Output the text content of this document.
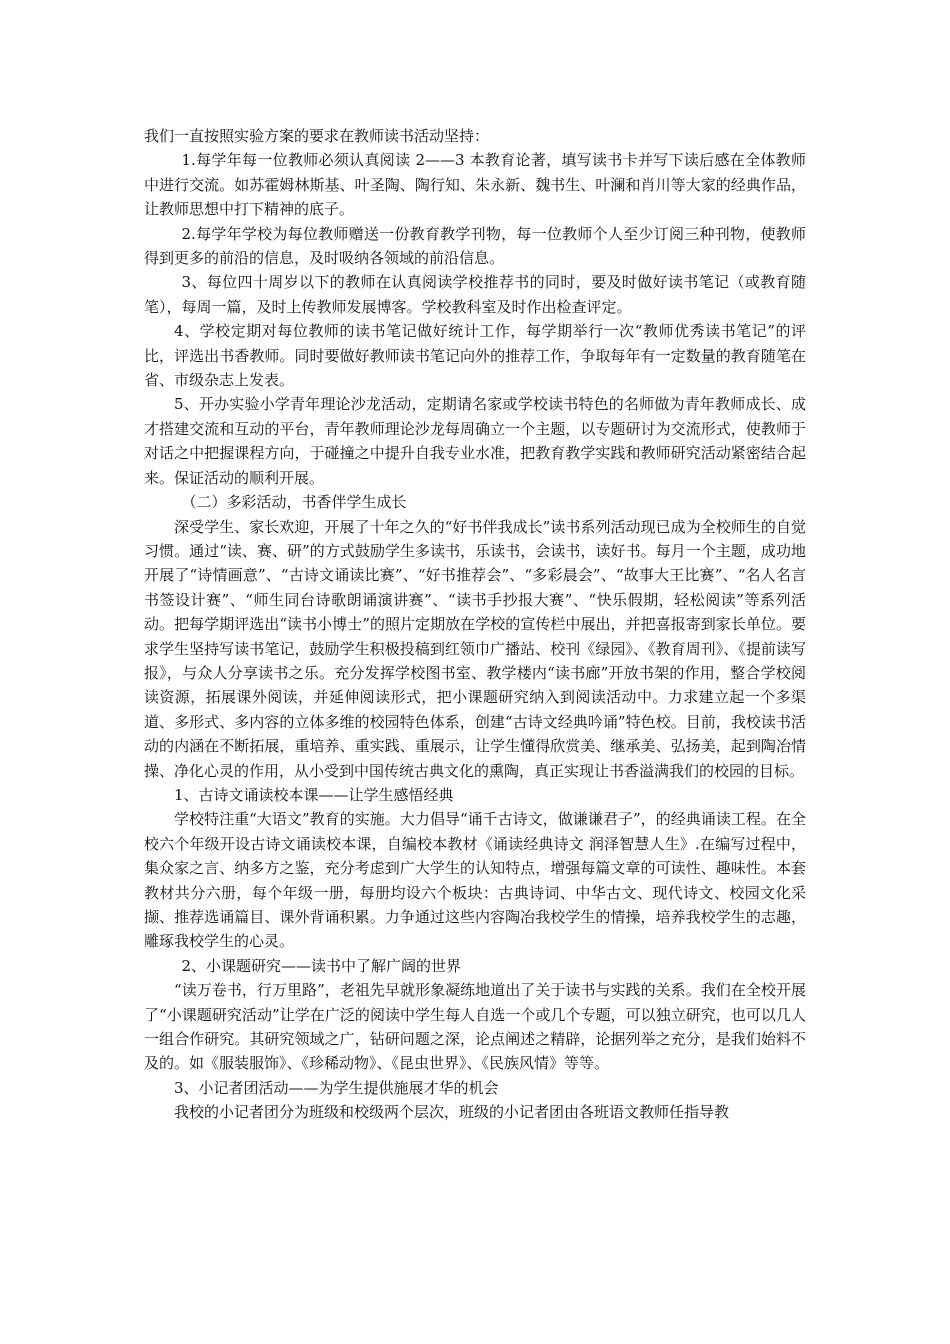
我们一直按照实验方案的要求在教师读书活动坚持：

1.每学年每一位教师必须认真阅读 2——3 本教育论著，填写读书卡并写下读后感在全体教师中进行交流。如苏霍姆林斯基、叶圣陶、陶行知、朱永新、魏书生、叶澜和肖川等大家的经典作品，让教师思想中打下精神的底子。

2.每学年学校为每位教师赠送一份教育教学刊物，每一位教师个人至少订阅三种刊物，使教师得到更多的前沿的信息，及时吸纳各领域的前沿信息。

3、每位四十周岁以下的教师在认真阅读学校推荐书的同时，要及时做好读书笔记（或教育随笔），每周一篇，及时上传教师发展博客。学校教科室及时作出检查评定。

4、学校定期对每位教师的读书笔记做好统计工作，每学期举行一次“教师优秀读书笔记”的评比，评选出书香教师。同时要做好教师读书笔记向外的推荐工作，争取每年有一定数量的教育随笔在省、市级杂志上发表。

5、开办实验小学青年理论沙龙活动，定期请名家或学校读书特色的名师做为青年教师成长、成才搭建交流和互动的平台，青年教师理论沙龙每周确立一个主题，以专题研讨为交流形式，使教师于对话之中把握课程方向，于碰撞之中提升自我专业水准，把教育教学实践和教师研究活动紧密结合起来。保证活动的顺利开展。

（二）多彩活动，书香伴学生成长

深受学生、家长欢迎，开展了十年之久的“好书伴我成长”读书系列活动现已成为全校师生的自觉习惯。通过“读、赛、研”的方式鼓励学生多读书，乐读书，会读书，读好书。每月一个主题，成功地开展了“诗情画意”、“古诗文诵读比赛”、“好书推荐会”、“多彩晨会”、“故事大王比赛”、“名人名言书签设计赛”、“师生同台诗歌朗诵演讲赛”、“读书手抄报大赛”、“快乐假期，轻松阅读”等系列活动。把每学期评选出“读书小博士”的照片定期放在学校的宣传栏中展出，并把喜报寄到家长单位。要求学生坚持写读书笔记，鼓励学生积极投稿到红领巾广播站、校刊《绿园》、《教育周刊》、《提前读写报》，与众人分享读书之乐。充分发挥学校图书室、教学楼内“读书廊”开放书架的作用，整合学校阅读资源，拓展课外阅读，并延伸阅读形式，把小课题研究纳入到阅读活动中。力求建立起一个多渠道、多形式、多内容的立体多维的校园特色体系，创建“古诗文经典吟诵”特色校。目前，我校读书活动的内涵在不断拓展，重培养、重实践、重展示，让学生懂得欣赏美、继承美、弘扬美，起到陶冶情操、净化心灵的作用，从小受到中国传统古典文化的熏陶，真正实现让书香溢满我们的校园的目标。

1、古诗文诵读校本课——让学生感悟经典

学校特注重“大语文”教育的实施。大力倡导“诵千古诗文，做谦谦君子”，的经典诵读工程。在全校六个年级开设古诗文诵读校本课，自编校本教材《诵读经典诗文 润泽智慧人生》.在编写过程中，集众家之言、纳多方之鉴，充分考虑到广大学生的认知特点，增强每篇文章的可读性、趣味性。本套教材共分六册，每个年级一册，每册均设六个板块：古典诗词、中华古文、现代诗文、校园文化采撷、推荐选诵篇目、课外背诵积累。力争通过这些内容陶冶我校学生的情操，培养我校学生的志趣，雕琢我校学生的心灵。

2、小课题研究——读书中了解广阔的世界

“读万卷书，行万里路”，老祖先早就形象凝练地道出了关于读书与实践的关系。我们在全校开展了“小课题研究活动”让学在广泛的阅读中学生每人自选一个或几个专题，可以独立研究，也可以几人一组合作研究。其研究领域之广，钻研问题之深，论点阐述之精辟，论据列举之充分，是我们始料不及的。如《服装服饰》、《珍稀动物》、《昆虫世界》、《民族风情》等等。

3、小记者团活动——为学生提供施展才华的机会

我校的小记者团分为班级和校级两个层次，班级的小记者团由各班语文教师任指导教
